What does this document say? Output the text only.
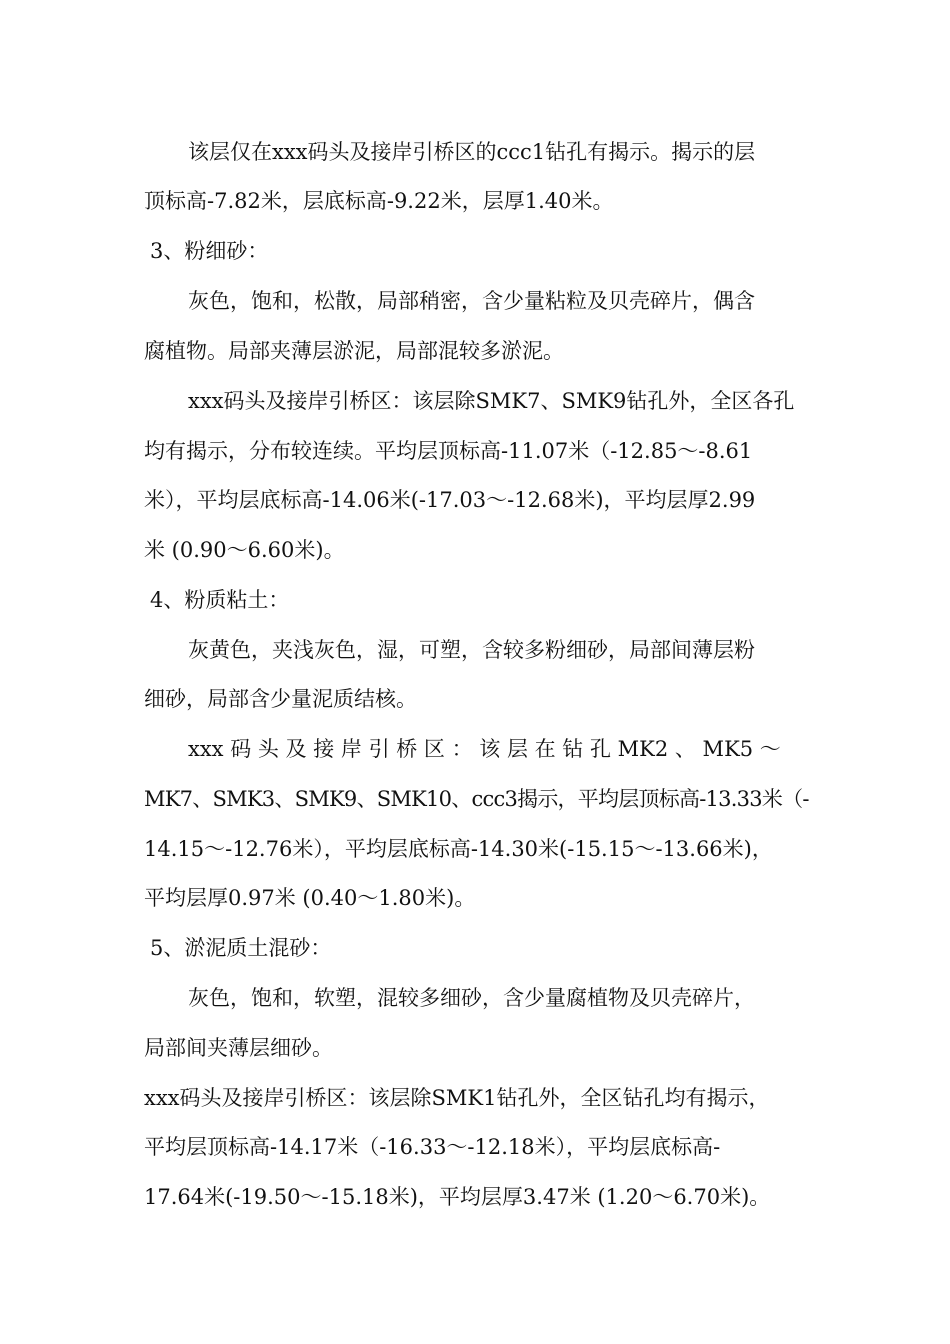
该层仅在xxx码头及接岸引桥区的ccc1钻孔有揭示。揭示的层
顶标高-7.82米，层底标高-9.22米，层厚1.40米。
3、粉细砂：
灰色，饱和，松散，局部稍密，含少量粘粒及贝壳碎片，偶含
腐植物。局部夹薄层淤泥，局部混较多淤泥。
xxx码头及接岸引桥区：该层除SMK7、SMK9钻孔外，全区各孔
均有揭示，分布较连续。平均层顶标高-11.07米（-12.85～-8.61
米），平均层底标高-14.06米(-17.03～-12.68米)，平均层厚2.99
米 (0.90～6.60米)。
4、粉质粘土：
灰黄色，夹浅灰色，湿，可塑，含较多粉细砂，局部间薄层粉
细砂，局部含少量泥质结核。
xxx 码 头 及 接 岸 引 桥 区 ： 该 层 在 钻 孔 MK2 、 MK5 ～
MK7、SMK3、SMK9、SMK10、ccc3揭示，平均层顶标高-13.33米（-
14.15～-12.76米），平均层底标高-14.30米(-15.15～-13.66米)，
平均层厚0.97米 (0.40～1.80米)。
5、淤泥质土混砂：
灰色，饱和，软塑，混较多细砂，含少量腐植物及贝壳碎片，
局部间夹薄层细砂。
xxx码头及接岸引桥区：该层除SMK1钻孔外，全区钻孔均有揭示，
平均层顶标高-14.17米（-16.33～-12.18米），平均层底标高-
17.64米(-19.50～-15.18米)，平均层厚3.47米 (1.20～6.70米)。
